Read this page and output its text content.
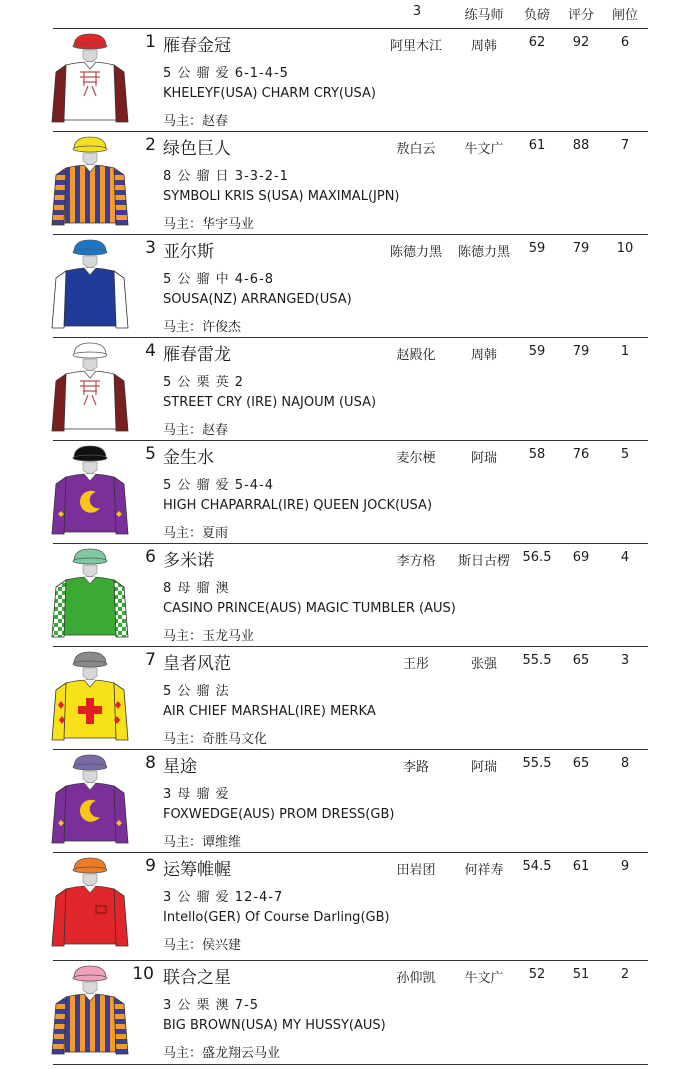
3	练马师	负磅	评分	闸位
1 雁春金冠
5 公 骝 爱 6-1-4-5
KHELEYF(USA) CHARM CRY(USA)
马主：赵春
阿里木江	周韩	62	92	6
2 绿色巨人
8 公 骝 日 3-3-2-1
SYMBOLI KRIS S(USA) MAXIMAL(JPN)
马主：华宇马业
敖白云	牛文广	61	88	7
3 亚尔斯
5 公 骝 中 4-6-8
SOUSA(NZ) ARRANGED(USA)
马主：许俊杰
陈德力黑	陈德力黑	59	79	10
4 雁春雷龙
5 公 栗 英 2
STREET CRY (IRE) NAJOUM (USA)
马主：赵春
赵殿化	周韩	59	79	1
5 金生水
5 公 骝 爱 5-4-4
HIGH CHAPARRAL(IRE) QUEEN JOCK(USA)
马主：夏雨
麦尔梗	阿瑞	58	76	5
6 多米诺
8 母 骝 澳
CASINO PRINCE(AUS) MAGIC TUMBLER (AUS)
马主：玉龙马业
李方格	斯日古楞 56.5	69	4
7 皇者风范
5 公 骝 法
AIR CHIEF MARSHAL(IRE) MERKA
马主：奇胜马文化
王彤	张强	55.5	65	3
8 星途
3 母 骝 爱
FOXWEDGE(AUS) PROM DRESS(GB)
马主：谭维维
李路	阿瑞	55.5	65	8
9 运筹帷幄
3 公 骝 爱 12-4-7
Intello(GER) Of Course Darling(GB)
马主：侯兴建
田岩团	何祥寿	54.5	61	9
10 联合之星
3 公 栗 澳 7-5
BIG BROWN(USA) MY HUSSY(AUS)
马主：盛龙翔云马业
孙仰凯	牛文广	52	51	2
